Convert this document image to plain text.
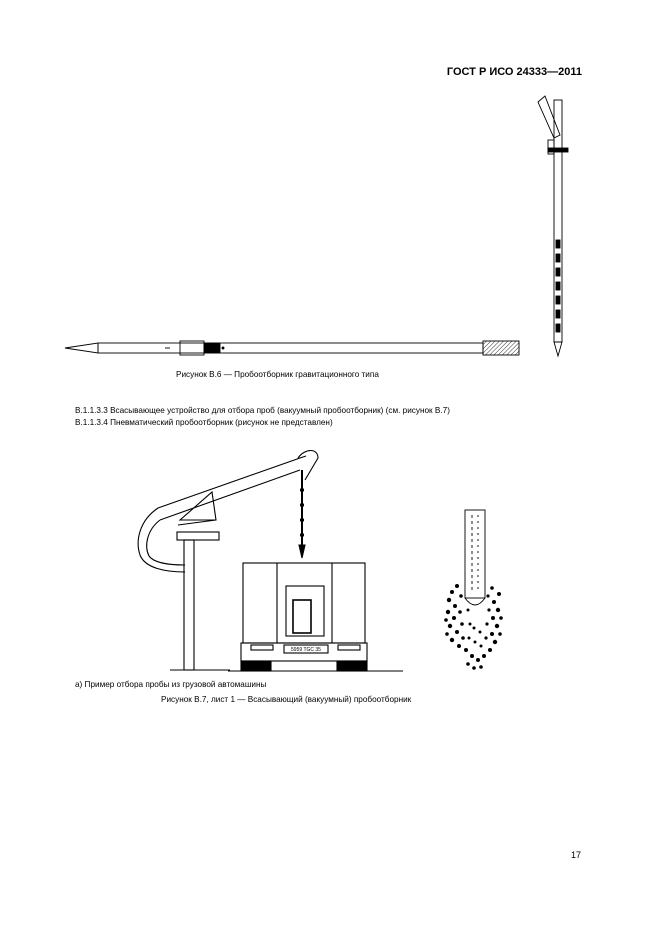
ГОСТ Р ИСО 24333—2011
5959 TGC 35
Рисунок В.6 — Пробоотборник гравитационного типа
В.1.1.3.3 Всасывающее устройство для отбора проб (вакуумный пробоотборник) (см. рисунок В.7)
В.1.1.3.4 Пневматический пробоотборник (рисунок не представлен)
а) Пример отбора пробы из грузовой автомашины
Рисунок В.7, лист 1 — Всасывающий (вакуумный) пробоотборник
17
